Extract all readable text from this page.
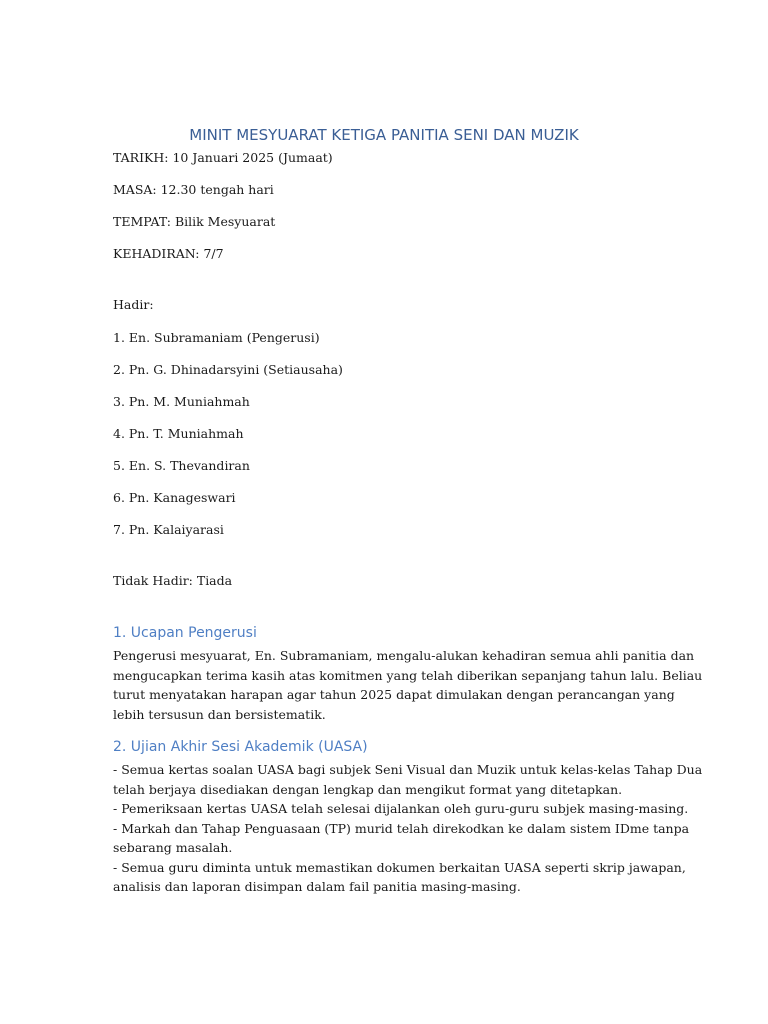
MINIT MESYUARAT KETIGA PANITIA SENI DAN MUZIK
TARIKH: 10 Januari 2025 (Jumaat)
MASA: 12.30 tengah hari
TEMPAT: Bilik Mesyuarat
KEHADIRAN: 7/7
Hadir:
1. En. Subramaniam (Pengerusi)
2. Pn. G. Dhinadarsyini (Setiausaha)
3. Pn. M. Muniahmah
4. Pn. T. Muniahmah
5. En. S. Thevandiran
6. Pn. Kanageswari
7. Pn. Kalaiyarasi
Tidak Hadir: Tiada
1. Ucapan Pengerusi

Pengerusi mesyuarat, En. Subramaniam, mengalu-alukan kehadiran semua ahli panitia dan

mengucapkan terima kasih atas komitmen yang telah diberikan sepanjang tahun lalu. Beliau

turut menyatakan harapan agar tahun 2025 dapat dimulakan dengan perancangan yang

lebih tersusun dan bersistematik.

2. Ujian Akhir Sesi Akademik (UASA)

- Semua kertas soalan UASA bagi subjek Seni Visual dan Muzik untuk kelas-kelas Tahap Dua

telah berjaya disediakan dengan lengkap dan mengikut format yang ditetapkan.

- Pemeriksaan kertas UASA telah selesai dijalankan oleh guru-guru subjek masing-masing.

- Markah dan Tahap Penguasaan (TP) murid telah direkodkan ke dalam sistem IDme tanpa

sebarang masalah.

- Semua guru diminta untuk memastikan dokumen berkaitan UASA seperti skrip jawapan,

analisis dan laporan disimpan dalam fail panitia masing-masing.
